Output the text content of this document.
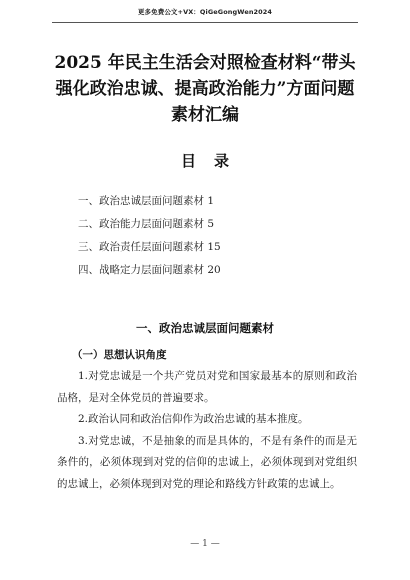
更多免费公文+VX：QiGeGongWen2024
2025 年民主生活会对照检查材料“带头
强化政治忠诚、提高政治能力”方面问题
素材汇编
目录
一、政治忠诚层面问题素材 1
二、政治能力层面问题素材 5
三、政治责任层面问题素材 15
四、战略定力层面问题素材 20
一、政治忠诚层面问题素材
（一）思想认识角度

1.对党忠诚是一个共产党员对党和国家最基本的原则和政治品格，是对全体党员的普遍要求。

2.政治认同和政治信仰作为政治忠诚的基本推度。

3.对党忠诚，不是抽象的而是具体的，不是有条件的而是无条件的，必须体现到对党的信仰的忠诚上，必须体现到对党组织的忠诚上，必须体现到对党的理论和路线方针政策的忠诚上。

— 1 —
